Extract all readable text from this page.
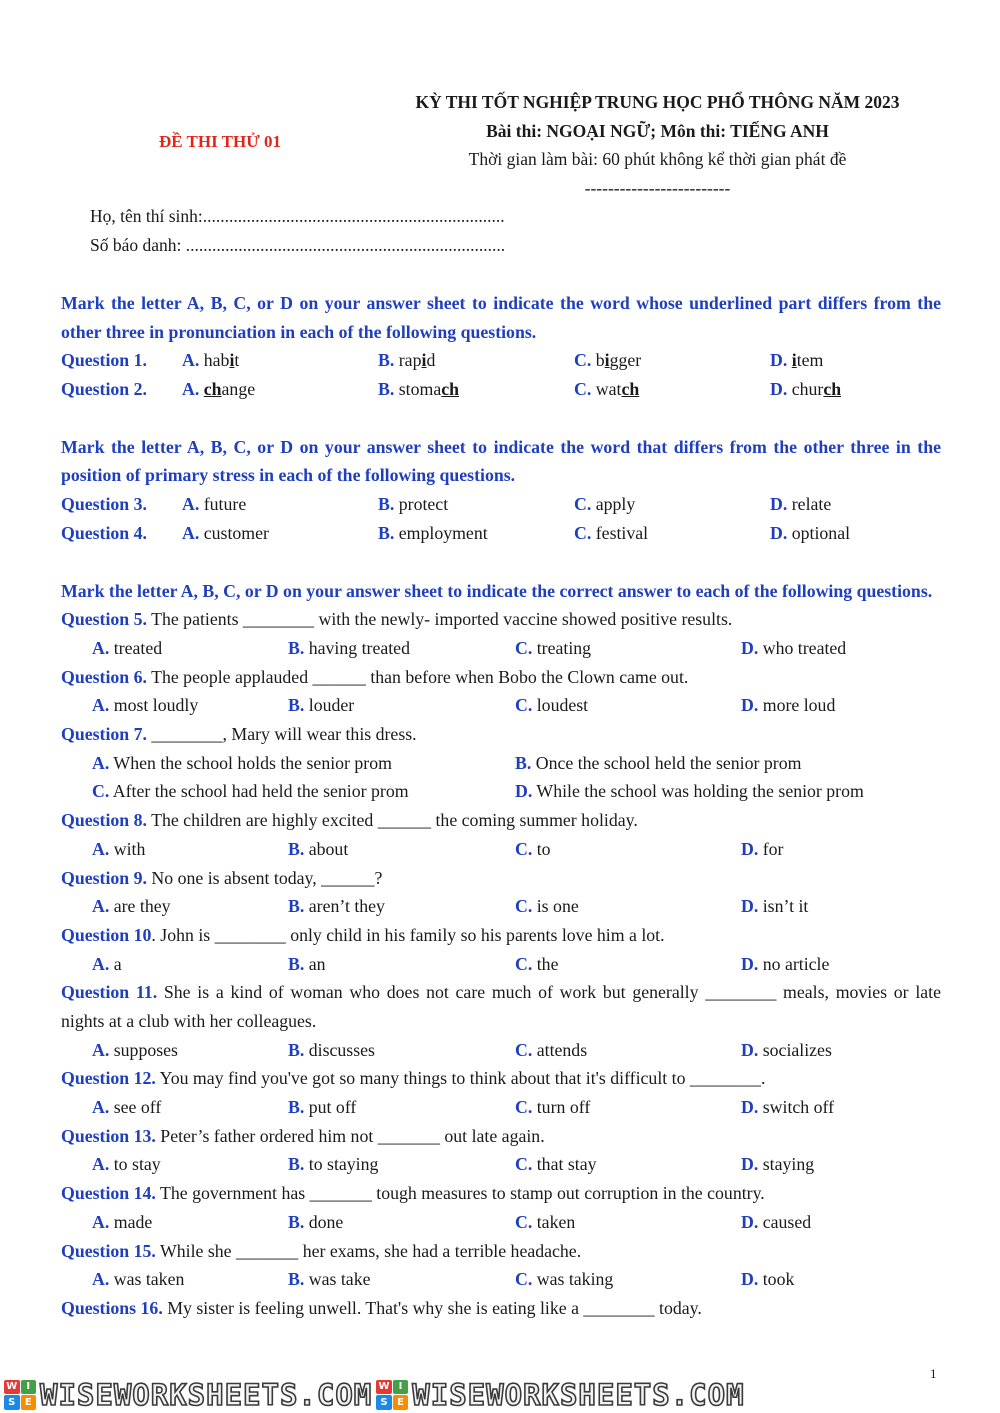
KỲ THI TỐT NGHIỆP TRUNG HỌC PHỔ THÔNG NĂM 2023
Bài thi: NGOẠI NGỮ; Môn thi: TIẾNG ANH
Thời gian làm bài: 60 phút không kể thời gian phát đề
-------------------------
ĐỀ THI THỬ 01
Họ, tên thí sinh:.....................................................................
Số báo danh: .........................................................................
Mark the letter A, B, C, or D on your answer sheet to indicate the word whose underlined part differs from the other three in pronunciation in each of the following questions.
Question 1.	A. habit	B. rapid	C. bigger	D. item
Question 2.	A. change	B. stomach	C. watch	D. church
Mark the letter A, B, C, or D on your answer sheet to indicate the word that differs from the other three in the position of primary stress in each of the following questions.
Question 3.	A. future	B. protect	C. apply	D. relate
Question 4.	A. customer	B. employment	C. festival	D. optional
Mark the letter A, B, C, or D on your answer sheet to indicate the correct answer to each of the following questions.
Question 5. The patients ________ with the newly- imported vaccine showed positive results.
A. treated	B. having treated	C. treating	D. who treated
Question 6. The people applauded ______ than before when Bobo the Clown came out.
A. most loudly	B. louder	C. loudest	D. more loud
Question 7. ________, Mary will wear this dress.
A. When the school holds the senior prom	B. Once the school held the senior prom
C. After the school had held the senior prom	D. While the school was holding the senior prom
Question 8. The children are highly excited ______ the coming summer holiday.
A. with	B. about	C. to	D. for
Question 9. No one is absent today, ______?
A. are they	B. aren’t they	C. is one	D. isn’t it
Question 10. John is ________ only child in his family so his parents love him a lot.
A. a	B. an	C. the	D. no article
Question 11. She is a kind of woman who does not care much of work but generally ________ meals, movies or late nights at a club with her colleagues.
A. supposes	B. discusses	C. attends	D. socializes
Question 12. You may find you've got so many things to think about that it's difficult to ________.
A. see off	B. put off	C. turn off	D. switch off
Question 13. Peter’s father ordered him not _______ out late again.
A. to stay	B. to staying	C. that stay	D. staying
Question 14. The government has _______ tough measures to stamp out corruption in the country.
A. made	B. done	C. taken	D. caused
Question 15. While she _______ her exams, she had a terrible headache.
A. was taken	B. was take	C. was taking	D. took
Questions 16. My sister is feeling unwell. That's why she is eating like a ________ today.
1
W I
S E WISEWORKSHEETS.COM W I
S E WISEWORKSHEETS.COM
